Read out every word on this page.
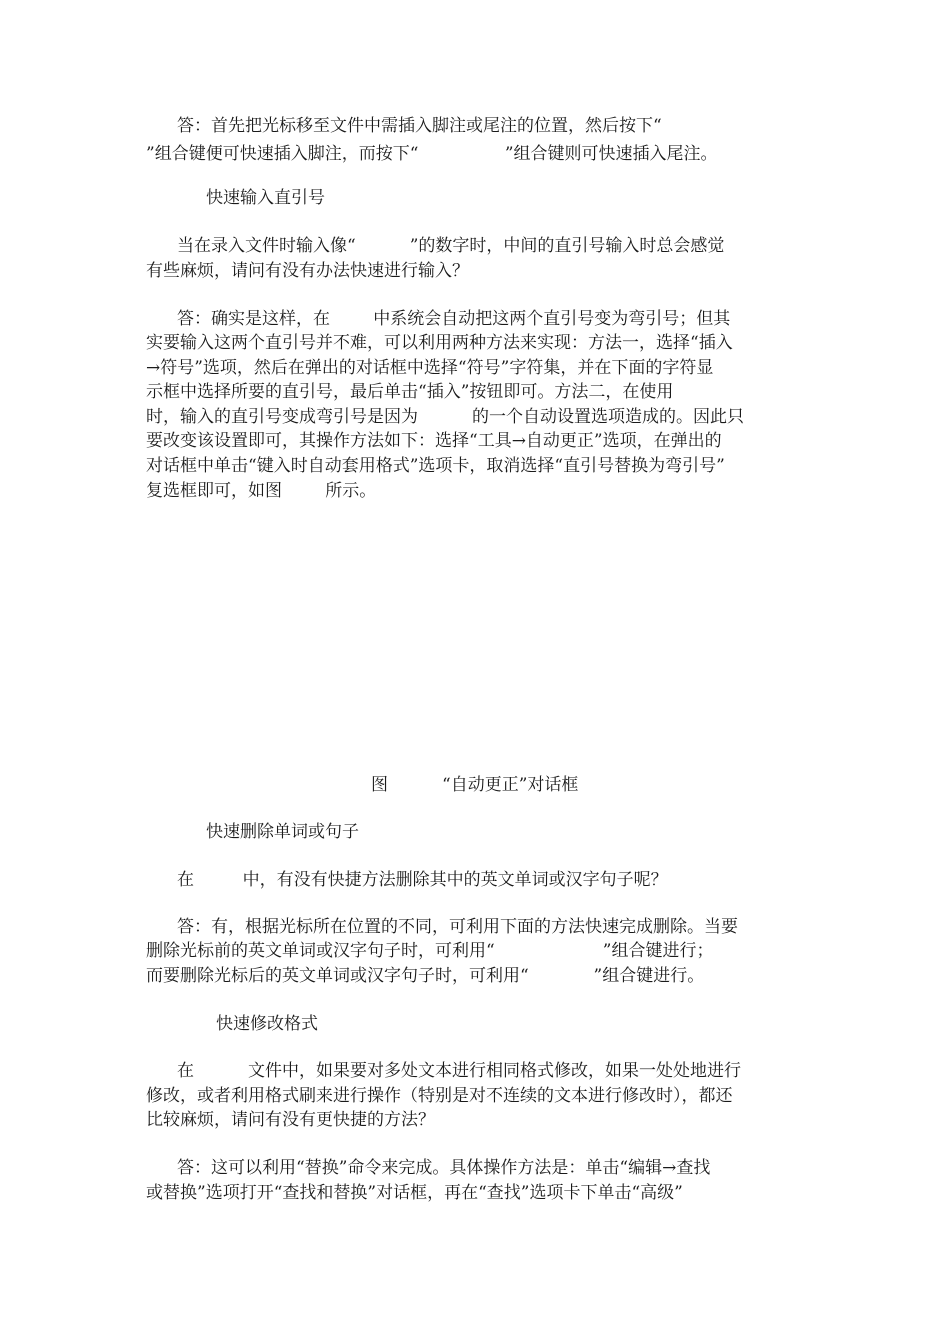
答：首先把光标移至文件中需插入脚注或尾注的位置，然后按下“
”组合键便可快速插入脚注，而按下“                ”组合键则可快速插入尾注。
快速输入直引号
当在录入文件时输入像“          ”的数字时，中间的直引号输入时总会感觉
有些麻烦，请问有没有办法快速进行输入？
答：确实是这样，在        中系统会自动把这两个直引号变为弯引号；但其
实要输入这两个直引号并不难，可以利用两种方法来实现：方法一，选择“插入
→符号”选项，然后在弹出的对话框中选择“符号”字符集，并在下面的字符显
示框中选择所要的直引号，最后单击“插入”按钮即可。方法二，在使用
时，输入的直引号变成弯引号是因为          的一个自动设置选项造成的。因此只
要改变该设置即可，其操作方法如下：选择“工具→自动更正”选项，在弹出的
对话框中单击“键入时自动套用格式”选项卡，取消选择“直引号替换为弯引号”
复选框即可，如图        所示。
图          “自动更正”对话框
快速删除单词或句子
在         中，有没有快捷方法删除其中的英文单词或汉字句子呢？
答：有，根据光标所在位置的不同，可利用下面的方法快速完成删除。当要
删除光标前的英文单词或汉字句子时，可利用“                    ”组合键进行；
而要删除光标后的英文单词或汉字句子时，可利用“            ”组合键进行。
快速修改格式
在          文件中，如果要对多处文本进行相同格式修改，如果一处处地进行
修改，或者利用格式刷来进行操作（特别是对不连续的文本进行修改时），都还
比较麻烦，请问有没有更快捷的方法？
答：这可以利用“替换”命令来完成。具体操作方法是：单击“编辑→查找
或替换”选项打开“查找和替换”对话框，再在“查找”选项卡下单击“高级”
